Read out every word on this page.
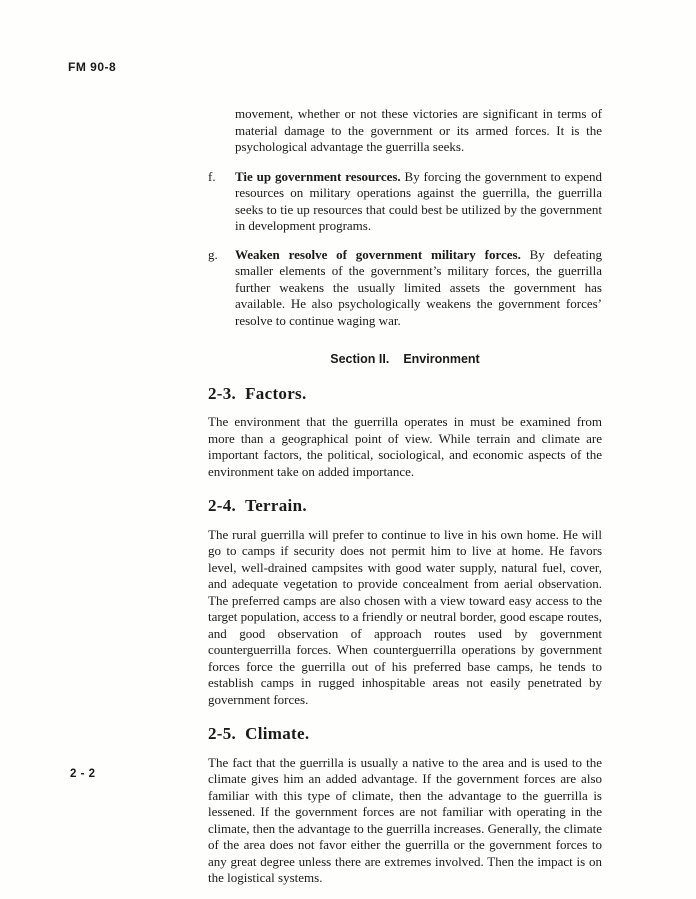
FM 90-8
movement, whether or not these victories are significant in terms of material damage to the government or its armed forces. It is the psychological advantage the guerrilla seeks.
f.	Tie up government resources. By forcing the government to expend resources on military operations against the guerrilla, the guerrilla seeks to tie up resources that could best be utilized by the government in development programs.
g.	Weaken resolve of government military forces. By defeating smaller elements of the government’s military forces, the guerrilla further weakens the usually limited assets the government has available. He also psychologically weakens the government forces’ resolve to continue waging war.
Section II. Environment
2-3. Factors.
The environment that the guerrilla operates in must be examined from more than a geographical point of view. While terrain and climate are important factors, the political, sociological, and economic aspects of the environment take on added importance.
2-4. Terrain.
The rural guerrilla will prefer to continue to live in his own home. He will go to camps if security does not permit him to live at home. He favors level, well-drained campsites with good water supply, natural fuel, cover, and adequate vegetation to provide concealment from aerial observation. The preferred camps are also chosen with a view toward easy access to the target population, access to a friendly or neutral border, good escape routes, and good observation of approach routes used by government counterguerrilla forces. When counterguerrilla operations by government forces force the guerrilla out of his preferred base camps, he tends to establish camps in rugged inhospitable areas not easily penetrated by government forces.
2-5. Climate.
The fact that the guerrilla is usually a native to the area and is used to the climate gives him an added advantage. If the government forces are also familiar with this type of climate, then the advantage to the guerrilla is lessened. If the government forces are not familiar with operating in the climate, then the advantage to the guerrilla increases. Generally, the climate of the area does not favor either the guerrilla or the government forces to any great degree unless there are extremes involved. Then the impact is on the logistical systems.
2 - 2
